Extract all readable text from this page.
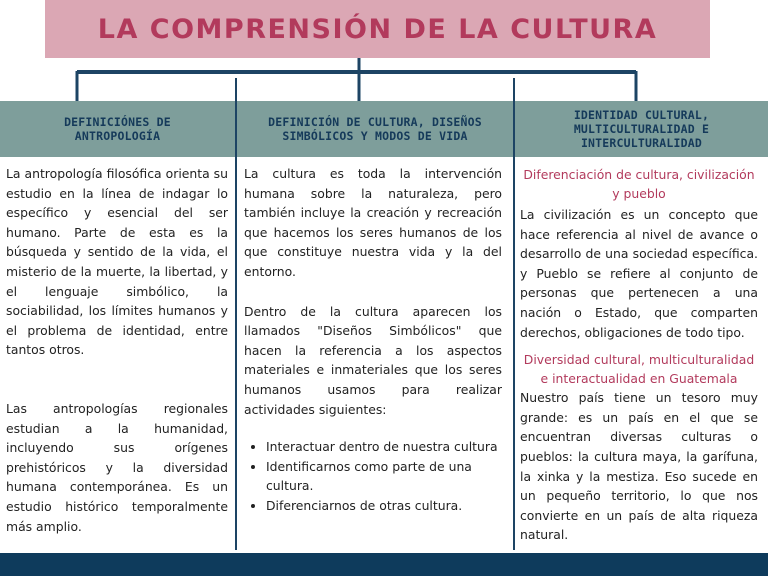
LA COMPRENSIÓN DE LA CULTURA
DEFINICIÓNES DE
ANTROPOLOGÍA
DEFINICIÓN DE CULTURA, DISEÑOS
SIMBÓLICOS Y MODOS DE VIDA
IDENTIDAD CULTURAL,
MULTICULTURALIDAD E
INTERCULTURALIDAD

La antropología filosófica orienta su estudio en la línea de indagar lo específico y esencial del ser humano. Parte de esta es la búsqueda y sentido de la vida, el misterio de la muerte, la libertad, y el lenguaje simbólico, la sociabilidad, los límites humanos y el problema de identidad, entre tantos otros.

Las antropologías regionales estudian a la humanidad, incluyendo sus orígenes prehistóricos y la diversidad humana contemporánea. Es un estudio histórico temporalmente más amplio.

La cultura es toda la intervención humana sobre la naturaleza, pero también incluye la creación y recreación que hacemos los seres humanos de los que constituye nuestra vida y la del entorno.

Dentro de la cultura aparecen los llamados "Diseños Simbólicos" que hacen la referencia a los aspectos materiales e inmateriales que los seres humanos usamos para realizar actividades siguientes:

• Interactuar dentro de nuestra cultura
• Identificarnos como parte de una cultura.
• Diferenciarnos de otras cultura.
Diferenciación de cultura, civilización y pueblo

La civilización es un concepto que hace referencia al nivel de avance o desarrollo de una sociedad específica. y Pueblo se refiere al conjunto de personas que pertenecen a una nación o Estado, que comparten derechos, obligaciones de todo tipo.

Diversidad cultural, multiculturalidad e interactualidad en Guatemala

Nuestro país tiene un tesoro muy grande: es un país en el que se encuentran diversas culturas o pueblos: la cultura maya, la garífuna, la xinka y la mestiza. Eso sucede en un pequeño territorio, lo que nos convierte en un país de alta riqueza natural.
